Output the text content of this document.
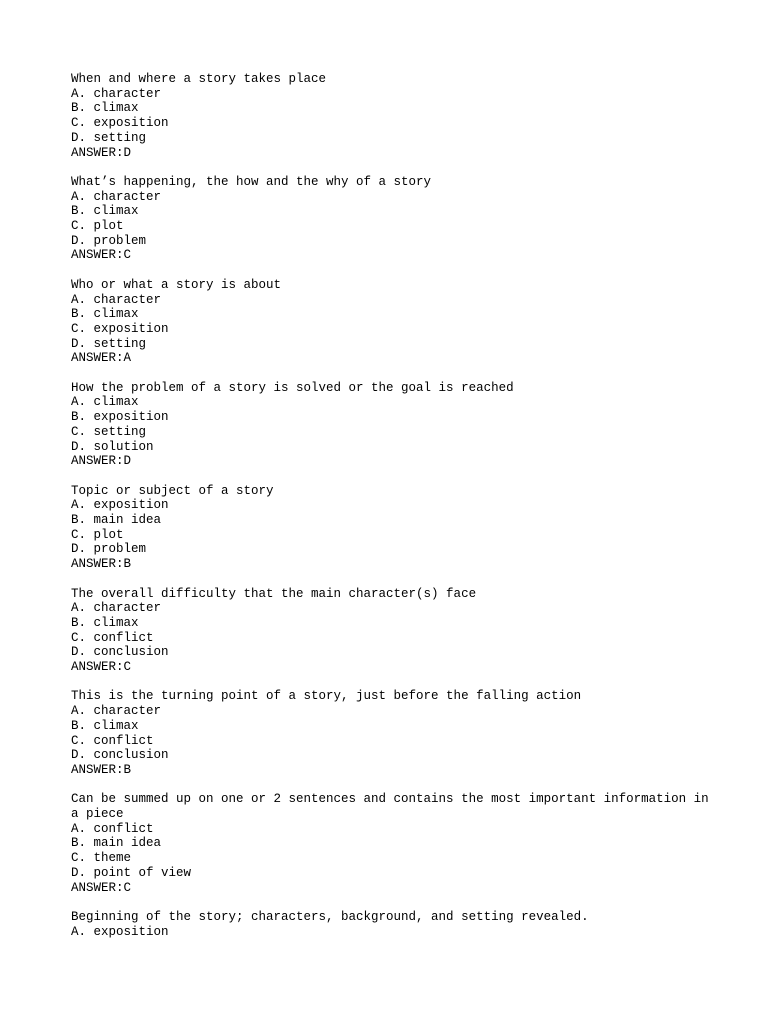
When and where a story takes place
A. character
B. climax
C. exposition
D. setting
ANSWER:D
What’s happening, the how and the why of a story
A. character
B. climax
C. plot
D. problem
ANSWER:C
Who or what a story is about
A. character
B. climax
C. exposition
D. setting
ANSWER:A
How the problem of a story is solved or the goal is reached
A. climax
B. exposition
C. setting
D. solution
ANSWER:D
Topic or subject of a story
A. exposition
B. main idea
C. plot
D. problem
ANSWER:B
The overall difficulty that the main character(s) face
A. character
B. climax
C. conflict
D. conclusion
ANSWER:C
This is the turning point of a story, just before the falling action
A. character
B. climax
C. conflict
D. conclusion
ANSWER:B
Can be summed up on one or 2 sentences and contains the most important information in a piece
A. conflict
B. main idea
C. theme
D. point of view
ANSWER:C
Beginning of the story; characters, background, and setting revealed.
A. exposition
